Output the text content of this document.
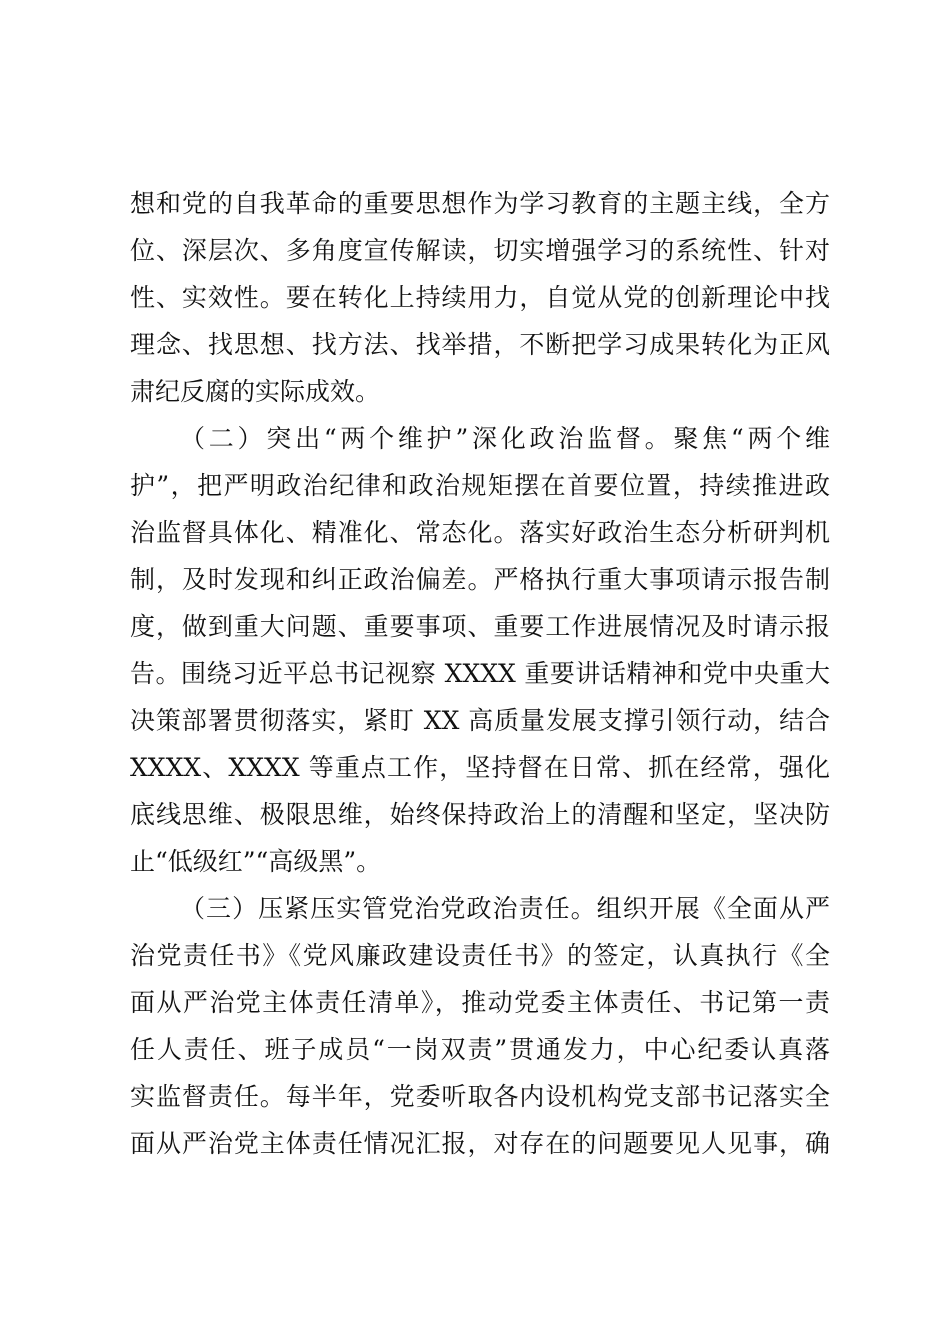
想和党的自我革命的重要思想作为学习教育的主题主线，全方
位、深层次、多角度宣传解读，切实增强学习的系统性、针对
性、实效性。要在转化上持续用力，自觉从党的创新理论中找
理念、找思想、找方法、找举措，不断把学习成果转化为正风
肃纪反腐的实际成效。
（二）突出“两个维护”深化政治监督。聚焦“两个维
护”，把严明政治纪律和政治规矩摆在首要位置，持续推进政
治监督具体化、精准化、常态化。落实好政治生态分析研判机
制，及时发现和纠正政治偏差。严格执行重大事项请示报告制
度，做到重大问题、重要事项、重要工作进展情况及时请示报
告。围绕习近平总书记视察 XXXX 重要讲话精神和党中央重大
决策部署贯彻落实，紧盯 XX 高质量发展支撑引领行动，结合
XXXX、XXXX 等重点工作，坚持督在日常、抓在经常，强化
底线思维、极限思维，始终保持政治上的清醒和坚定，坚决防
止“低级红”“高级黑”。
（三）压紧压实管党治党政治责任。组织开展《全面从严
治党责任书》《党风廉政建设责任书》的签定，认真执行《全
面从严治党主体责任清单》，推动党委主体责任、书记第一责
任人责任、班子成员“一岗双责”贯通发力，中心纪委认真落
实监督责任。每半年，党委听取各内设机构党支部书记落实全
面从严治党主体责任情况汇报，对存在的问题要见人见事，确
